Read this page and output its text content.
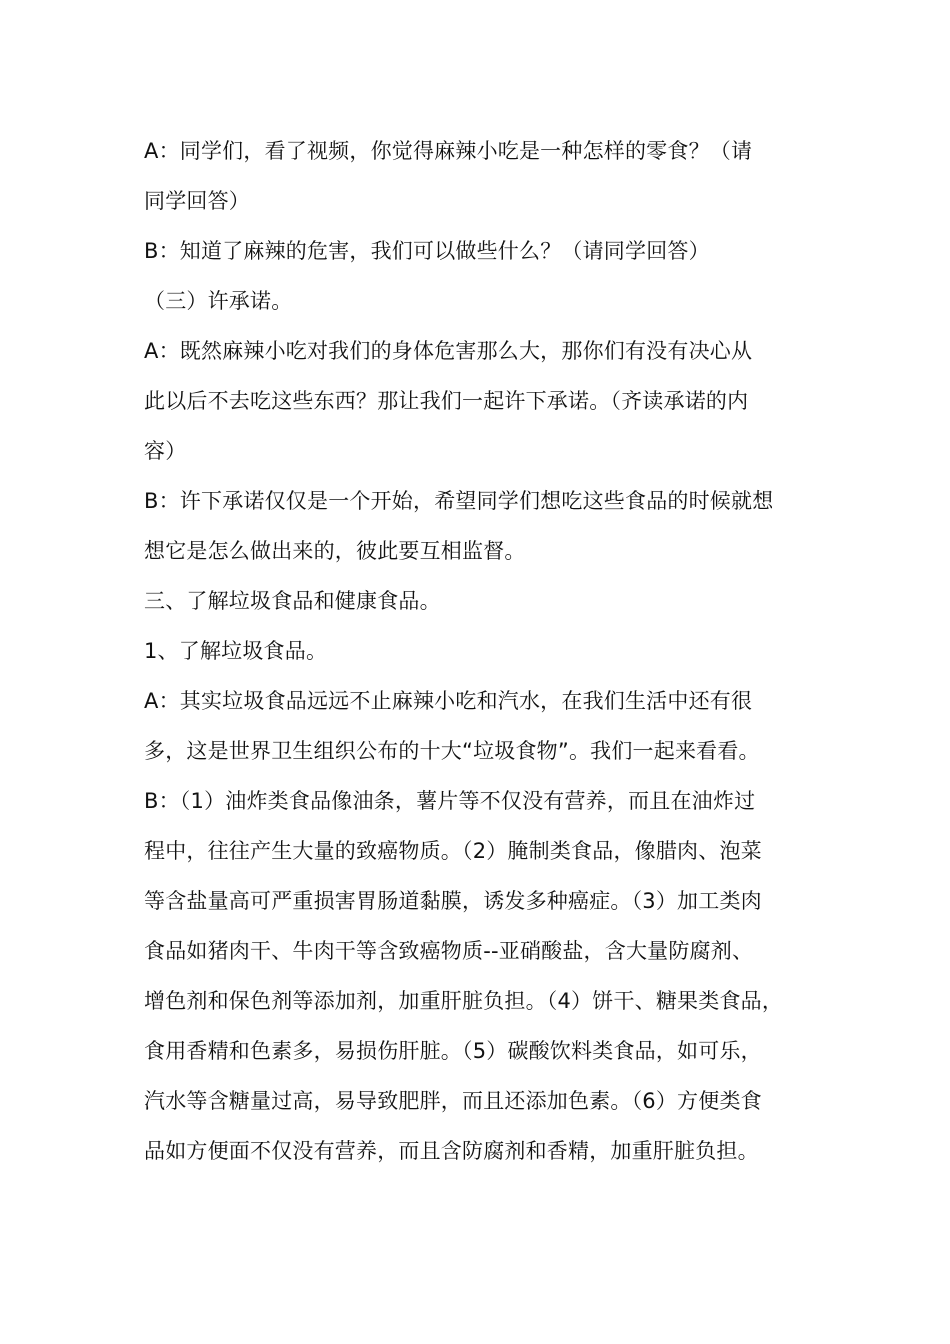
A：同学们，看了视频，你觉得麻辣小吃是一种怎样的零食？（请
同学回答）
B：知道了麻辣的危害，我们可以做些什么？（请同学回答）
（三）许承诺。
A：既然麻辣小吃对我们的身体危害那么大，那你们有没有决心从
此以后不去吃这些东西？那让我们一起许下承诺。（齐读承诺的内
容）
B：许下承诺仅仅是一个开始，希望同学们想吃这些食品的时候就想
想它是怎么做出来的，彼此要互相监督。
三、了解垃圾食品和健康食品。
1、了解垃圾食品。
A：其实垃圾食品远远不止麻辣小吃和汽水，在我们生活中还有很
多，这是世界卫生组织公布的十大“垃圾食物”。我们一起来看看。
B：（1）油炸类食品像油条，薯片等不仅没有营养，而且在油炸过
程中，往往产生大量的致癌物质。（2）腌制类食品，像腊肉、泡菜
等含盐量高可严重损害胃肠道黏膜，诱发多种癌症。（3）加工类肉
食品如猪肉干、牛肉干等含致癌物质--亚硝酸盐，含大量防腐剂、
增色剂和保色剂等添加剂，加重肝脏负担。（4）饼干、糖果类食品，
食用香精和色素多，易损伤肝脏。（5）碳酸饮料类食品，如可乐，
汽水等含糖量过高，易导致肥胖，而且还添加色素。（6）方便类食
品如方便面不仅没有营养，而且含防腐剂和香精，加重肝脏负担。
